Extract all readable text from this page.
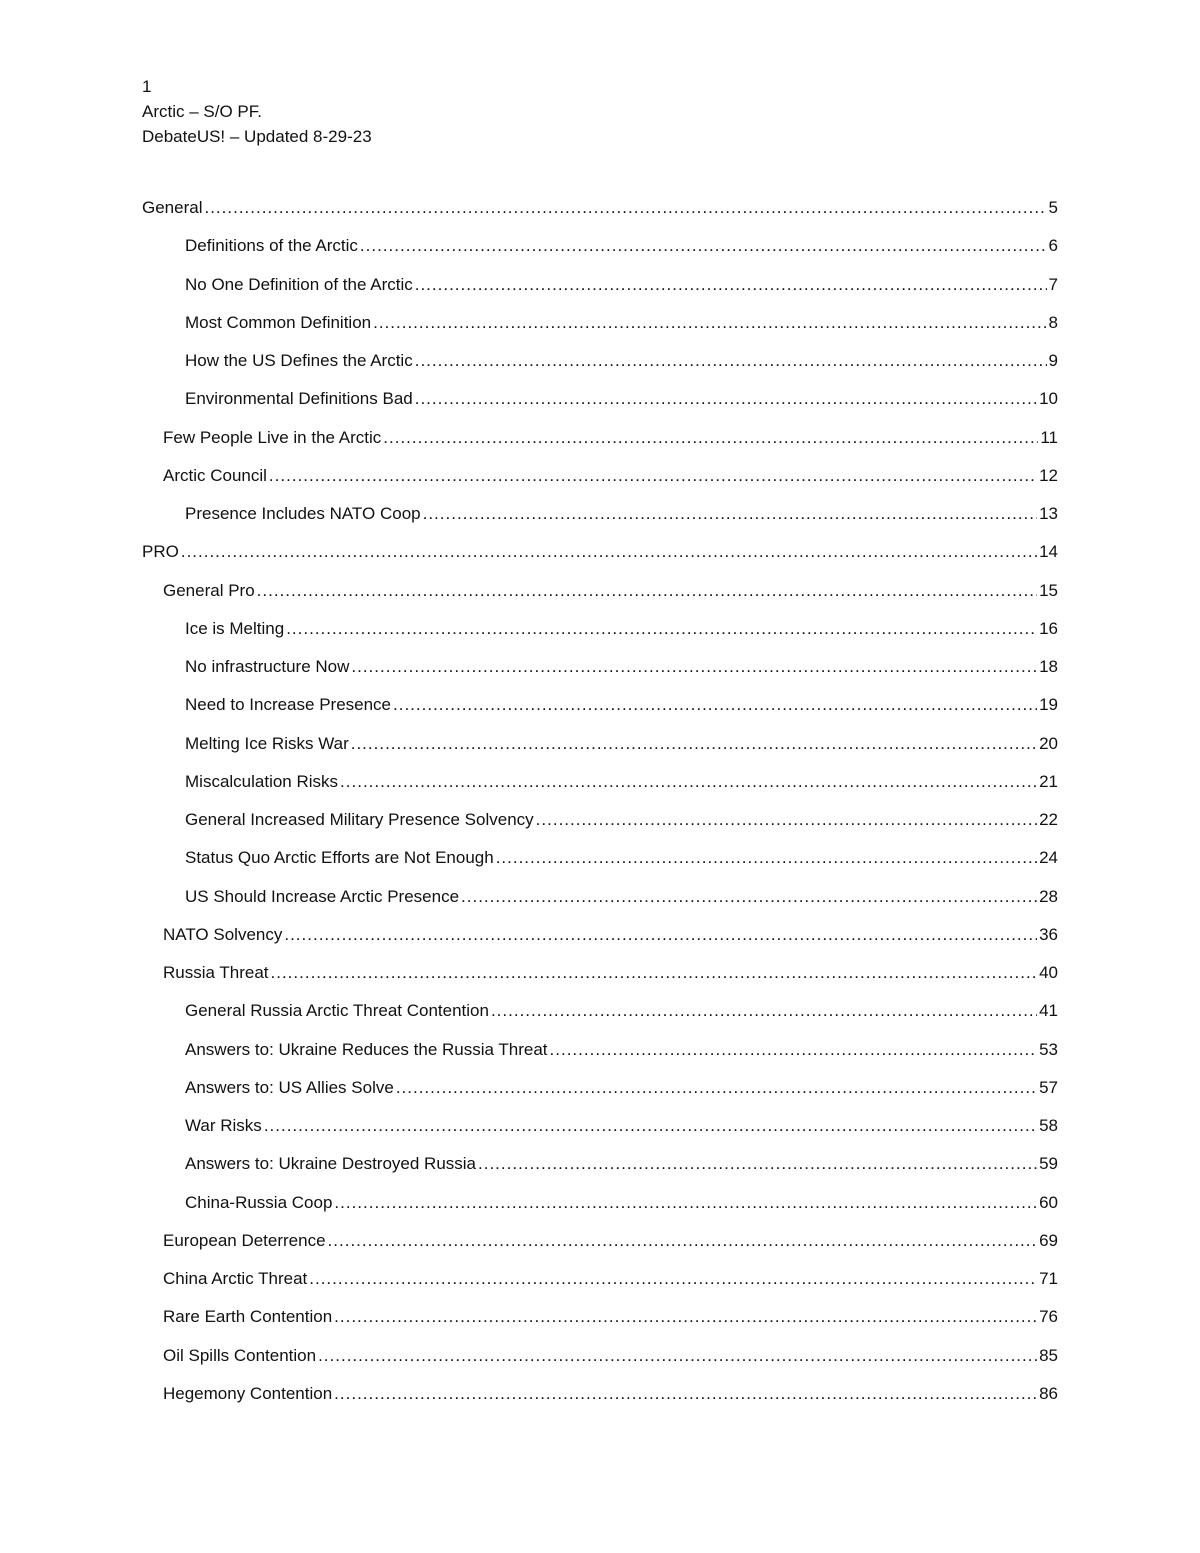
1
Arctic – S/O PF.
DebateUS! – Updated 8-29-23
General .....	5
Definitions of the Arctic .....	6
No One Definition of the Arctic .....	7
Most Common Definition .....	8
How the US Defines the Arctic .....	9
Environmental Definitions Bad .....	10
Few People Live in the Arctic .....	11
Arctic Council .....	12
Presence Includes NATO Coop .....	13
PRO .....	14
General Pro .....	15
Ice is Melting .....	16
No infrastructure Now .....	18
Need to Increase Presence .....	19
Melting Ice Risks War .....	20
Miscalculation Risks .....	21
General Increased Military Presence Solvency .....	22
Status Quo Arctic Efforts are Not Enough .....	24
US Should Increase Arctic Presence .....	28
NATO Solvency .....	36
Russia Threat .....	40
General Russia Arctic Threat Contention .....	41
Answers to: Ukraine Reduces the Russia Threat .....	53
Answers to: US Allies Solve .....	57
War Risks .....	58
Answers to: Ukraine Destroyed Russia .....	59
China-Russia Coop .....	60
European Deterrence .....	69
China Arctic Threat .....	71
Rare Earth Contention .....	76
Oil Spills Contention .....	85
Hegemony Contention .....	86
